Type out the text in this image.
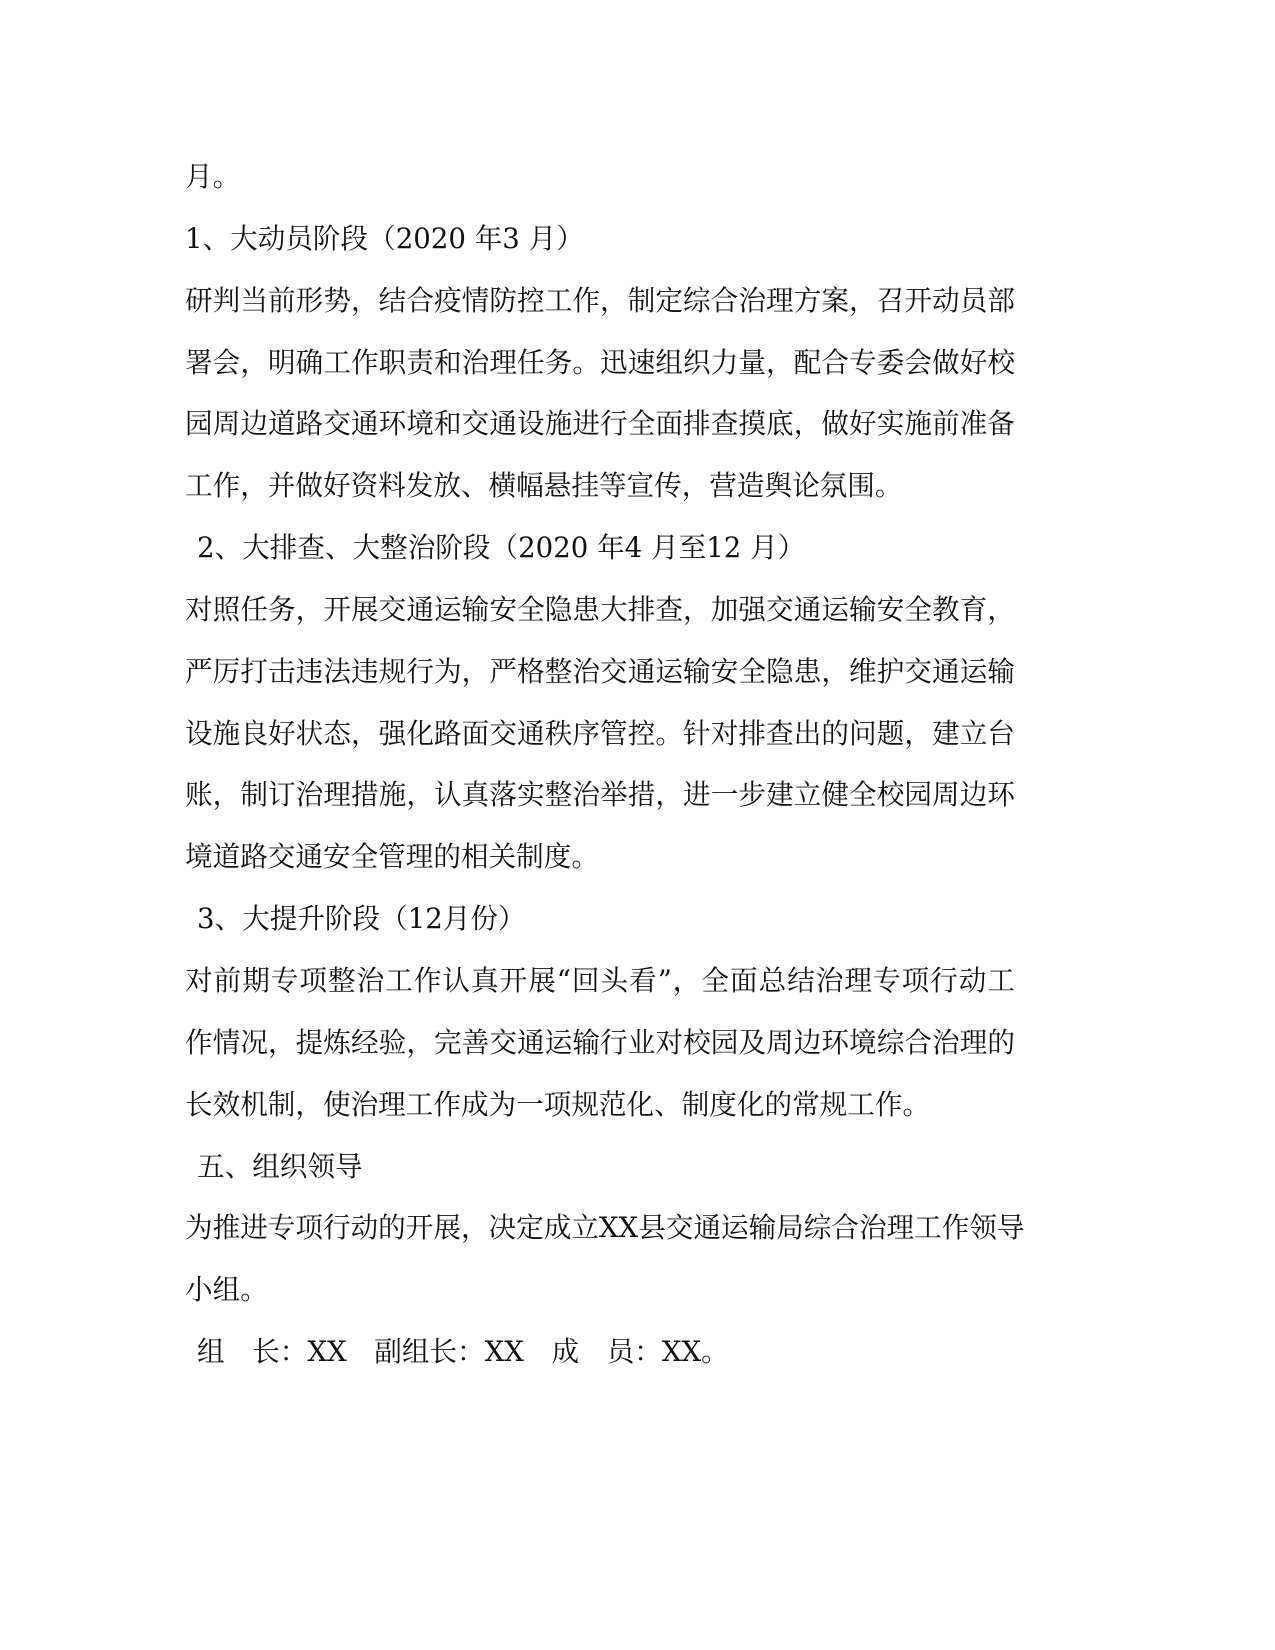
月。
1、大动员阶段（2020 年3 月）
研判当前形势，结合疫情防控工作，制定综合治理方案，召开动员部
署会，明确工作职责和治理任务。迅速组织力量，配合专委会做好校
园周边道路交通环境和交通设施进行全面排查摸底，做好实施前准备
工作，并做好资料发放、横幅悬挂等宣传，营造舆论氛围。
2、大排查、大整治阶段（2020 年4 月至12 月）
对照任务，开展交通运输安全隐患大排查，加强交通运输安全教育，
严厉打击违法违规行为，严格整治交通运输安全隐患，维护交通运输
设施良好状态，强化路面交通秩序管控。针对排查出的问题，建立台
账，制订治理措施，认真落实整治举措，进一步建立健全校园周边环
境道路交通安全管理的相关制度。
3、大提升阶段（12月份）
对前期专项整治工作认真开展“回头看”，全面总结治理专项行动工
作情况，提炼经验，完善交通运输行业对校园及周边环境综合治理的
长效机制，使治理工作成为一项规范化、制度化的常规工作。
五、组织领导
为推进专项行动的开展，决定成立XX县交通运输局综合治理工作领导
小组。
组　长：XX　副组长：XX　成　员：XX。
